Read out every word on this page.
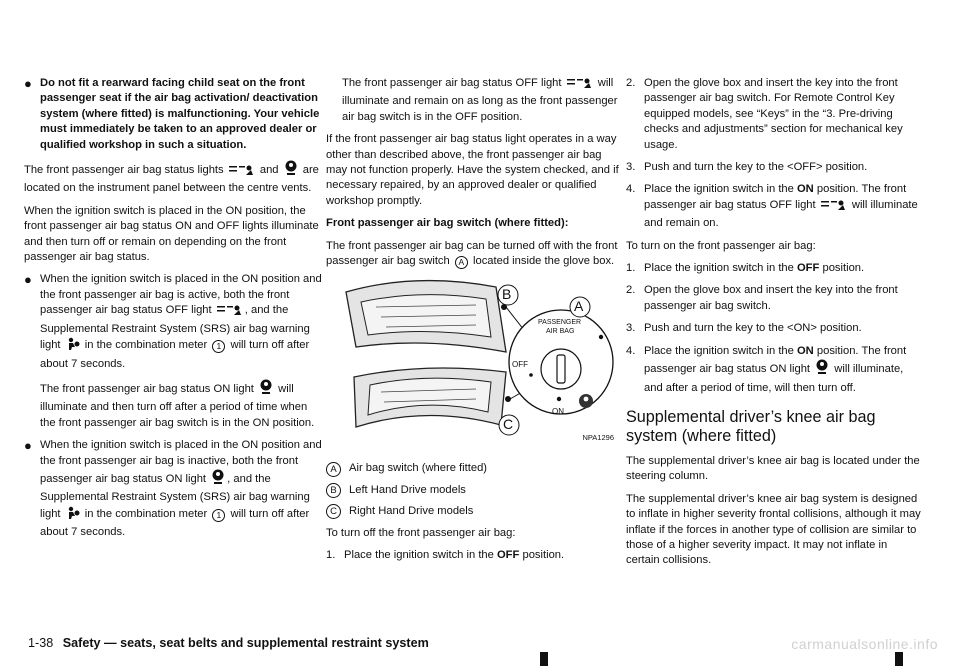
● Do not fit a rearward facing child seat on the front passenger seat if the air bag activation/ deactivation system (where fitted) is malfunctioning. Your vehicle must immediately be taken to an approved dealer or qualified workshop in such a situation.

The front passenger air bag status lights	and are located on the instrument panel between the centre vents.

When the ignition switch is placed in the ON position, the front passenger air bag status ON and OFF lights illuminate and then turn off or remain on depending on the front passenger air bag status.

● When the ignition switch is placed in the ON position and the front passenger air bag is active, both the front passenger air bag status OFF light	, and the Supplemental Restraint System (SRS) air bag warning light in the combination meter 1 will turn off after about 7 seconds.

The front passenger air bag status ON light will illuminate and then turn off after a period of time when the front passenger air bag switch is in the ON position.

● When the ignition switch is placed in the ON position and the front passenger air bag is inactive, both the front passenger air bag status ON light , and the Supplemental Restraint System (SRS) air bag warning light in the combination meter 1 will turn off after about 7 seconds.

The front passenger air bag status OFF light	will illuminate and remain on as long as the front passenger air bag switch is in the OFF position.

If the front passenger air bag status light operates in a way other than described above, the front passenger air bag may not function properly. Have the system checked, and if necessary repaired, by an approved dealer or qualified workshop promptly.

Front passenger air bag switch (where fitted):

The front passenger air bag can be turned off with the front passenger air bag switch A located inside the glove box.

B
A
C
PASSENGER
AIR BAG
OFF
ON
NPA1296
A	Air bag switch (where fitted)
B	Left Hand Drive models
C	Right Hand Drive models

To turn off the front passenger air bag:

1. Place the ignition switch in the OFF position.
2. Open the glove box and insert the key into the front passenger air bag switch. For Remote Control Key equipped models, see “Keys” in the “3. Pre-driving checks and adjustments” section for mechanical key usage.
3. Push and turn the key to the <OFF> position.
4. Place the ignition switch in the ON position. The front passenger air bag status OFF light	will illuminate and remain on.

To turn on the front passenger air bag:

1. Place the ignition switch in the OFF position.
2. Open the glove box and insert the key into the front passenger air bag switch.
3. Push and turn the key to the <ON> position.
4. Place the ignition switch in the ON position. The front passenger air bag status ON light will illuminate, and after a period of time, will then turn off.
Supplemental driver’s knee air bag system (where fitted)

The supplemental driver’s knee air bag is located under the steering column.

The supplemental driver’s knee air bag system is designed to inflate in higher severity frontal collisions, although it may inflate if the forces in another type of collision are similar to those of a higher severity impact. It may not inflate in certain collisions.

1-38 Safety — seats, seat belts and supplemental restraint system	carmanualsonline.info
